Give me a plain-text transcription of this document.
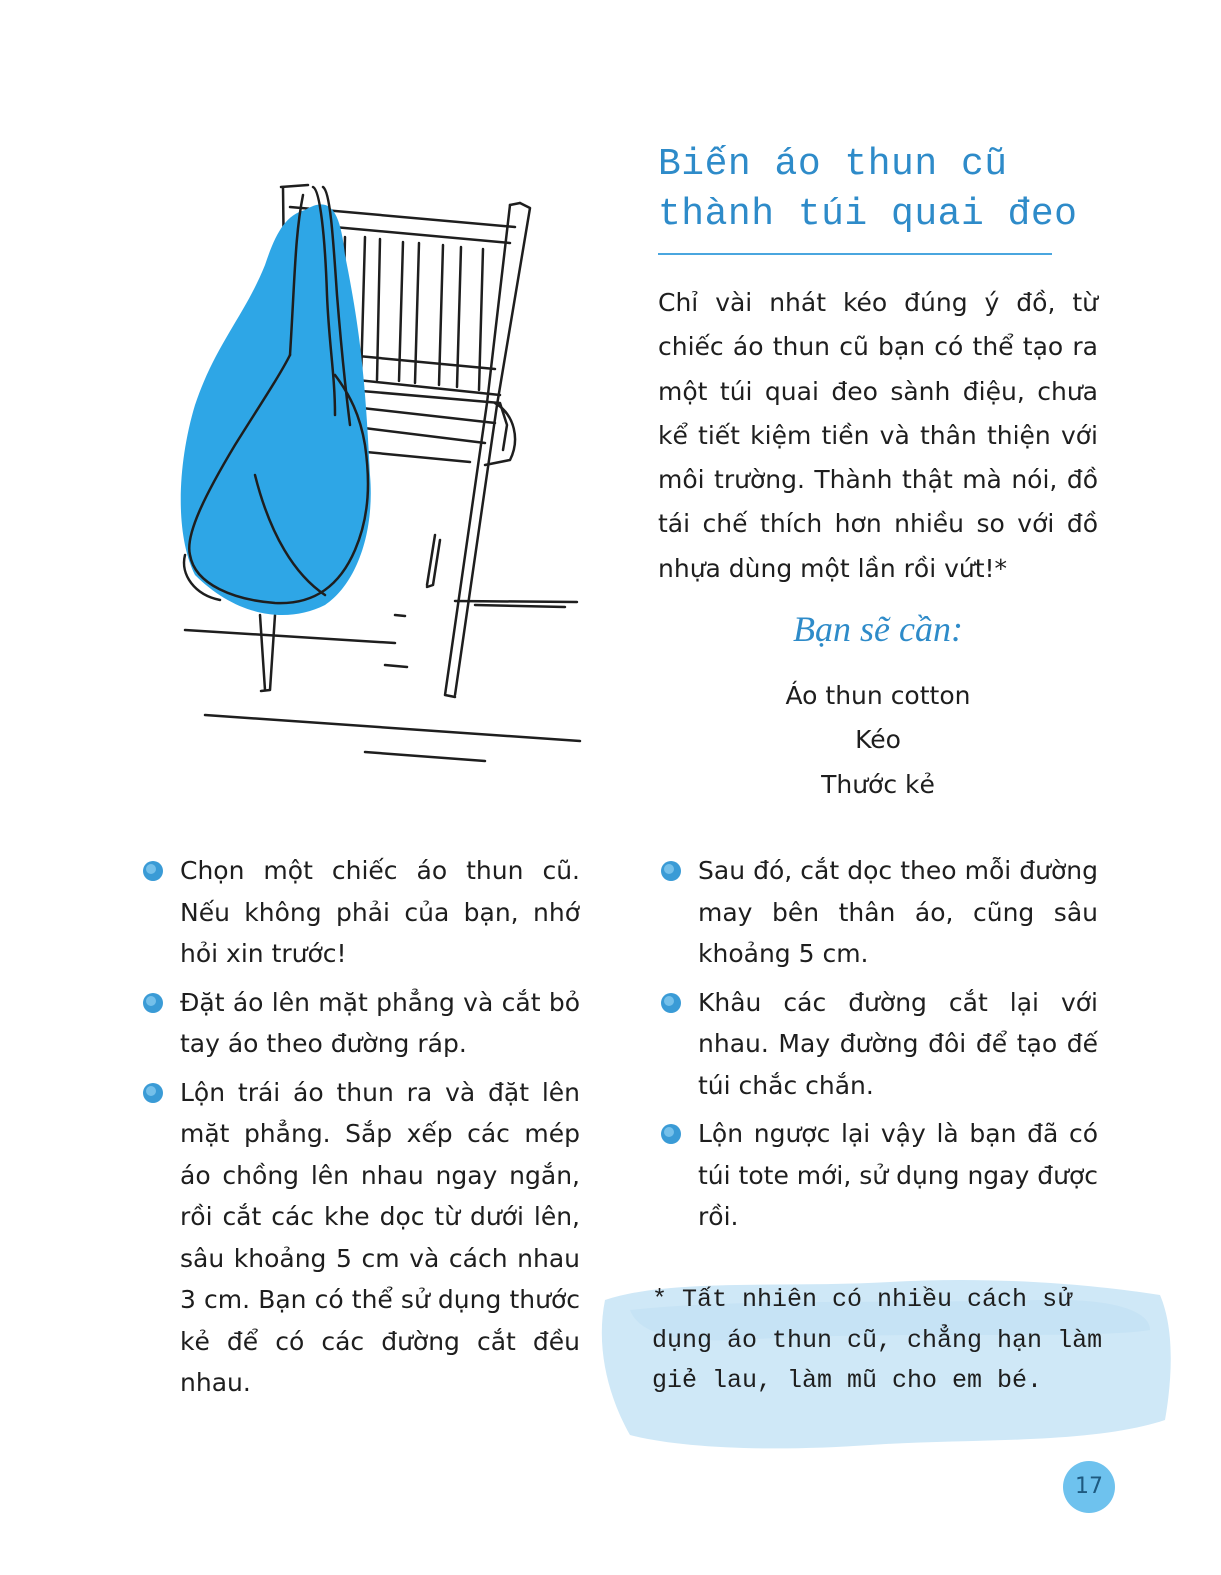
Biến áo thun cũ
thành túi quai đeo

Chỉ vài nhát kéo đúng ý đồ, từ chiếc áo thun cũ bạn có thể tạo ra một túi quai đeo sành điệu, chưa kể tiết kiệm tiền và thân thiện với môi trường. Thành thật mà nói, đồ tái chế thích hơn nhiều so với đồ nhựa dùng một lần rồi vứt!*

Bạn sẽ cần:
Áo thun cotton
Kéo
Thước kẻ
Chọn một chiếc áo thun cũ. Nếu không phải của bạn, nhớ hỏi xin trước!
Đặt áo lên mặt phẳng và cắt bỏ tay áo theo đường ráp.
Lộn trái áo thun ra và đặt lên mặt phẳng. Sắp xếp các mép áo chồng lên nhau ngay ngắn, rồi cắt các khe dọc từ dưới lên, sâu khoảng 5 cm và cách nhau 3 cm. Bạn có thể sử dụng thước kẻ để có các đường cắt đều nhau.
Sau đó, cắt dọc theo mỗi đường may bên thân áo, cũng sâu khoảng 5 cm.
Khâu các đường cắt lại với nhau. May đường đôi để tạo đế túi chắc chắn.
Lộn ngược lại vậy là bạn đã có túi tote mới, sử dụng ngay được rồi.

* Tất nhiên có nhiều cách sử dụng áo thun cũ, chẳng hạn làm giẻ lau, làm mũ cho em bé.

17
